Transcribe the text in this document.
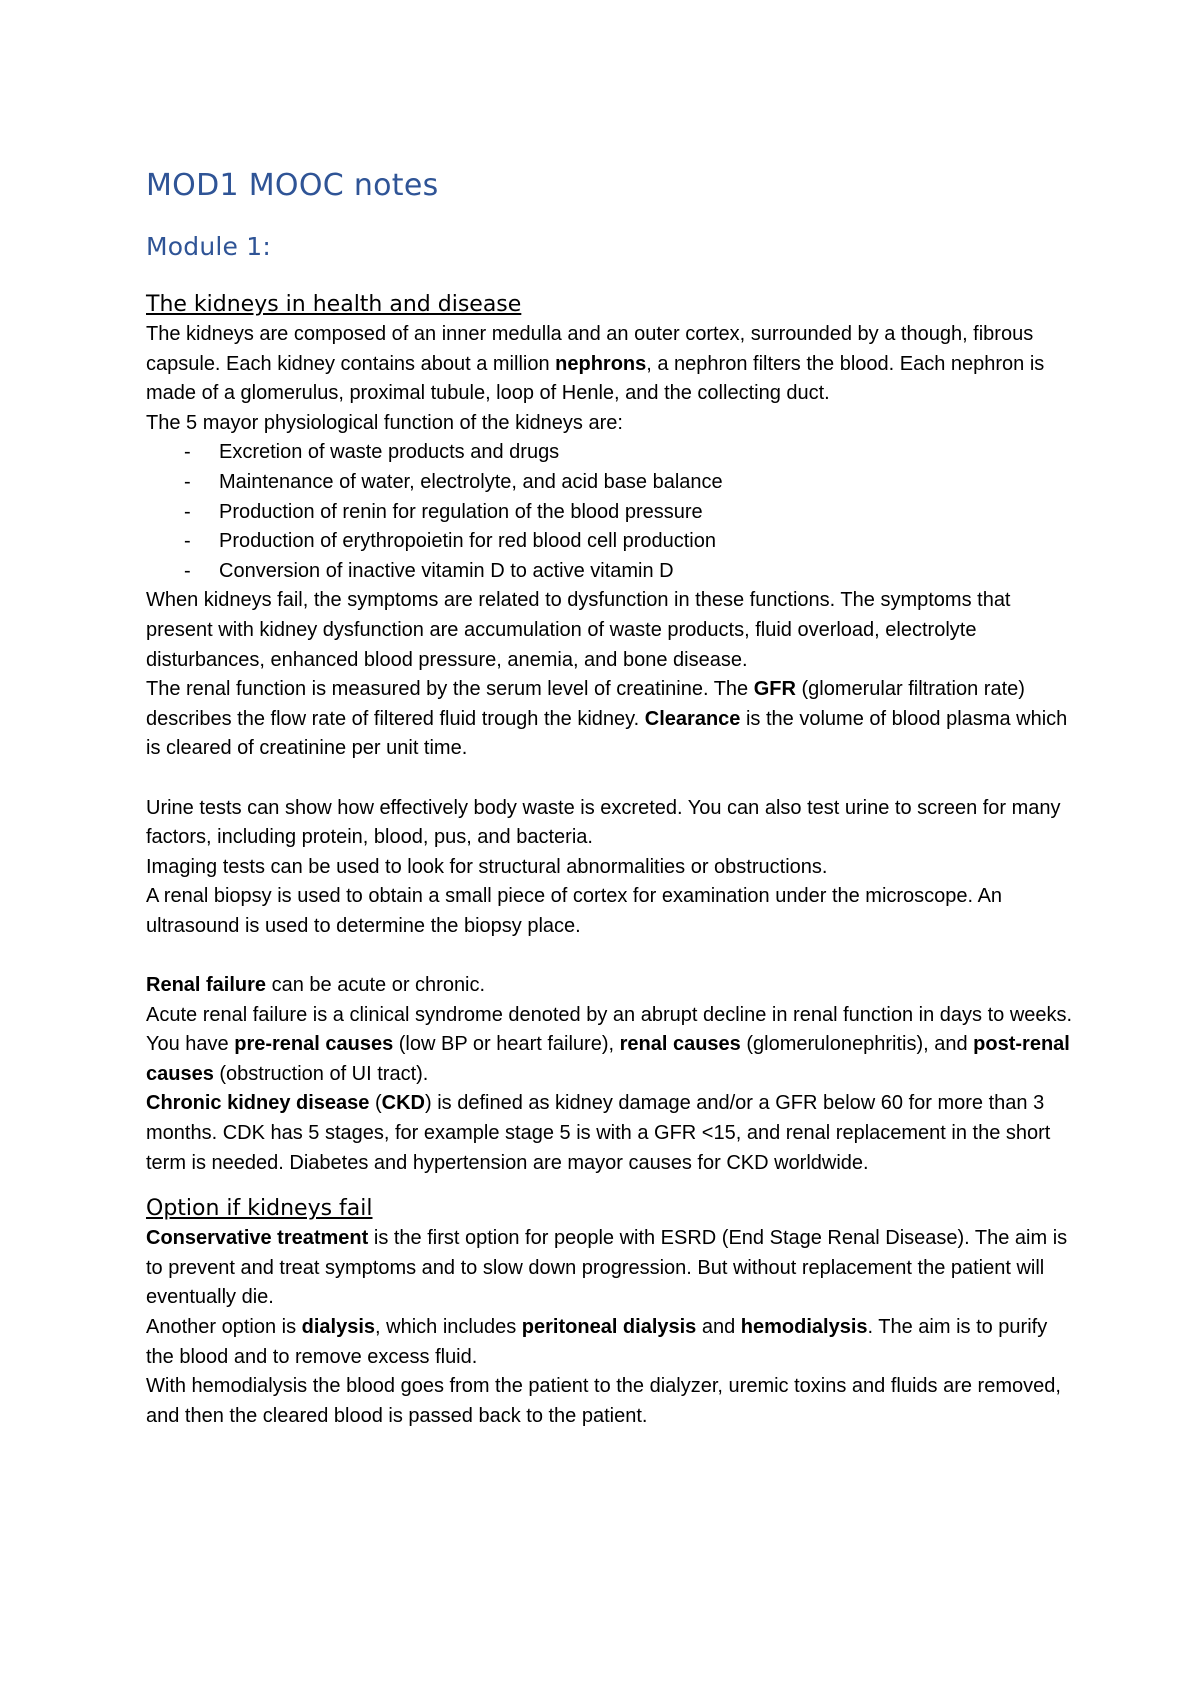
MOD1 MOOC notes
Module 1:
The kidneys in health and disease

The kidneys are composed of an inner medulla and an outer cortex, surrounded by a though, fibrous capsule. Each kidney contains about a million nephrons, a nephron filters the blood. Each nephron is made of a glomerulus, proximal tubule, loop of Henle, and the collecting duct.

The 5 mayor physiological function of the kidneys are:

- Excretion of waste products and drugs
- Maintenance of water, electrolyte, and acid base balance
- Production of renin for regulation of the blood pressure
- Production of erythropoietin for red blood cell production
- Conversion of inactive vitamin D to active vitamin D

When kidneys fail, the symptoms are related to dysfunction in these functions. The symptoms that present with kidney dysfunction are accumulation of waste products, fluid overload, electrolyte disturbances, enhanced blood pressure, anemia, and bone disease.

The renal function is measured by the serum level of creatinine. The GFR (glomerular filtration rate) describes the flow rate of filtered fluid trough the kidney. Clearance is the volume of blood plasma which is cleared of creatinine per unit time.

Urine tests can show how effectively body waste is excreted. You can also test urine to screen for many factors, including protein, blood, pus, and bacteria.

Imaging tests can be used to look for structural abnormalities or obstructions.

A renal biopsy is used to obtain a small piece of cortex for examination under the microscope. An ultrasound is used to determine the biopsy place.

Renal failure can be acute or chronic.

Acute renal failure is a clinical syndrome denoted by an abrupt decline in renal function in days to weeks. You have pre-renal causes (low BP or heart failure), renal causes (glomerulonephritis), and post-renal causes (obstruction of UI tract).

Chronic kidney disease (CKD) is defined as kidney damage and/or a GFR below 60 for more than 3 months. CDK has 5 stages, for example stage 5 is with a GFR <15, and renal replacement in the short term is needed. Diabetes and hypertension are mayor causes for CKD worldwide.

Option if kidneys fail

Conservative treatment is the first option for people with ESRD (End Stage Renal Disease). The aim is to prevent and treat symptoms and to slow down progression. But without replacement the patient will eventually die.

Another option is dialysis, which includes peritoneal dialysis and hemodialysis. The aim is to purify the blood and to remove excess fluid.

With hemodialysis the blood goes from the patient to the dialyzer, uremic toxins and fluids are removed, and then the cleared blood is passed back to the patient.
